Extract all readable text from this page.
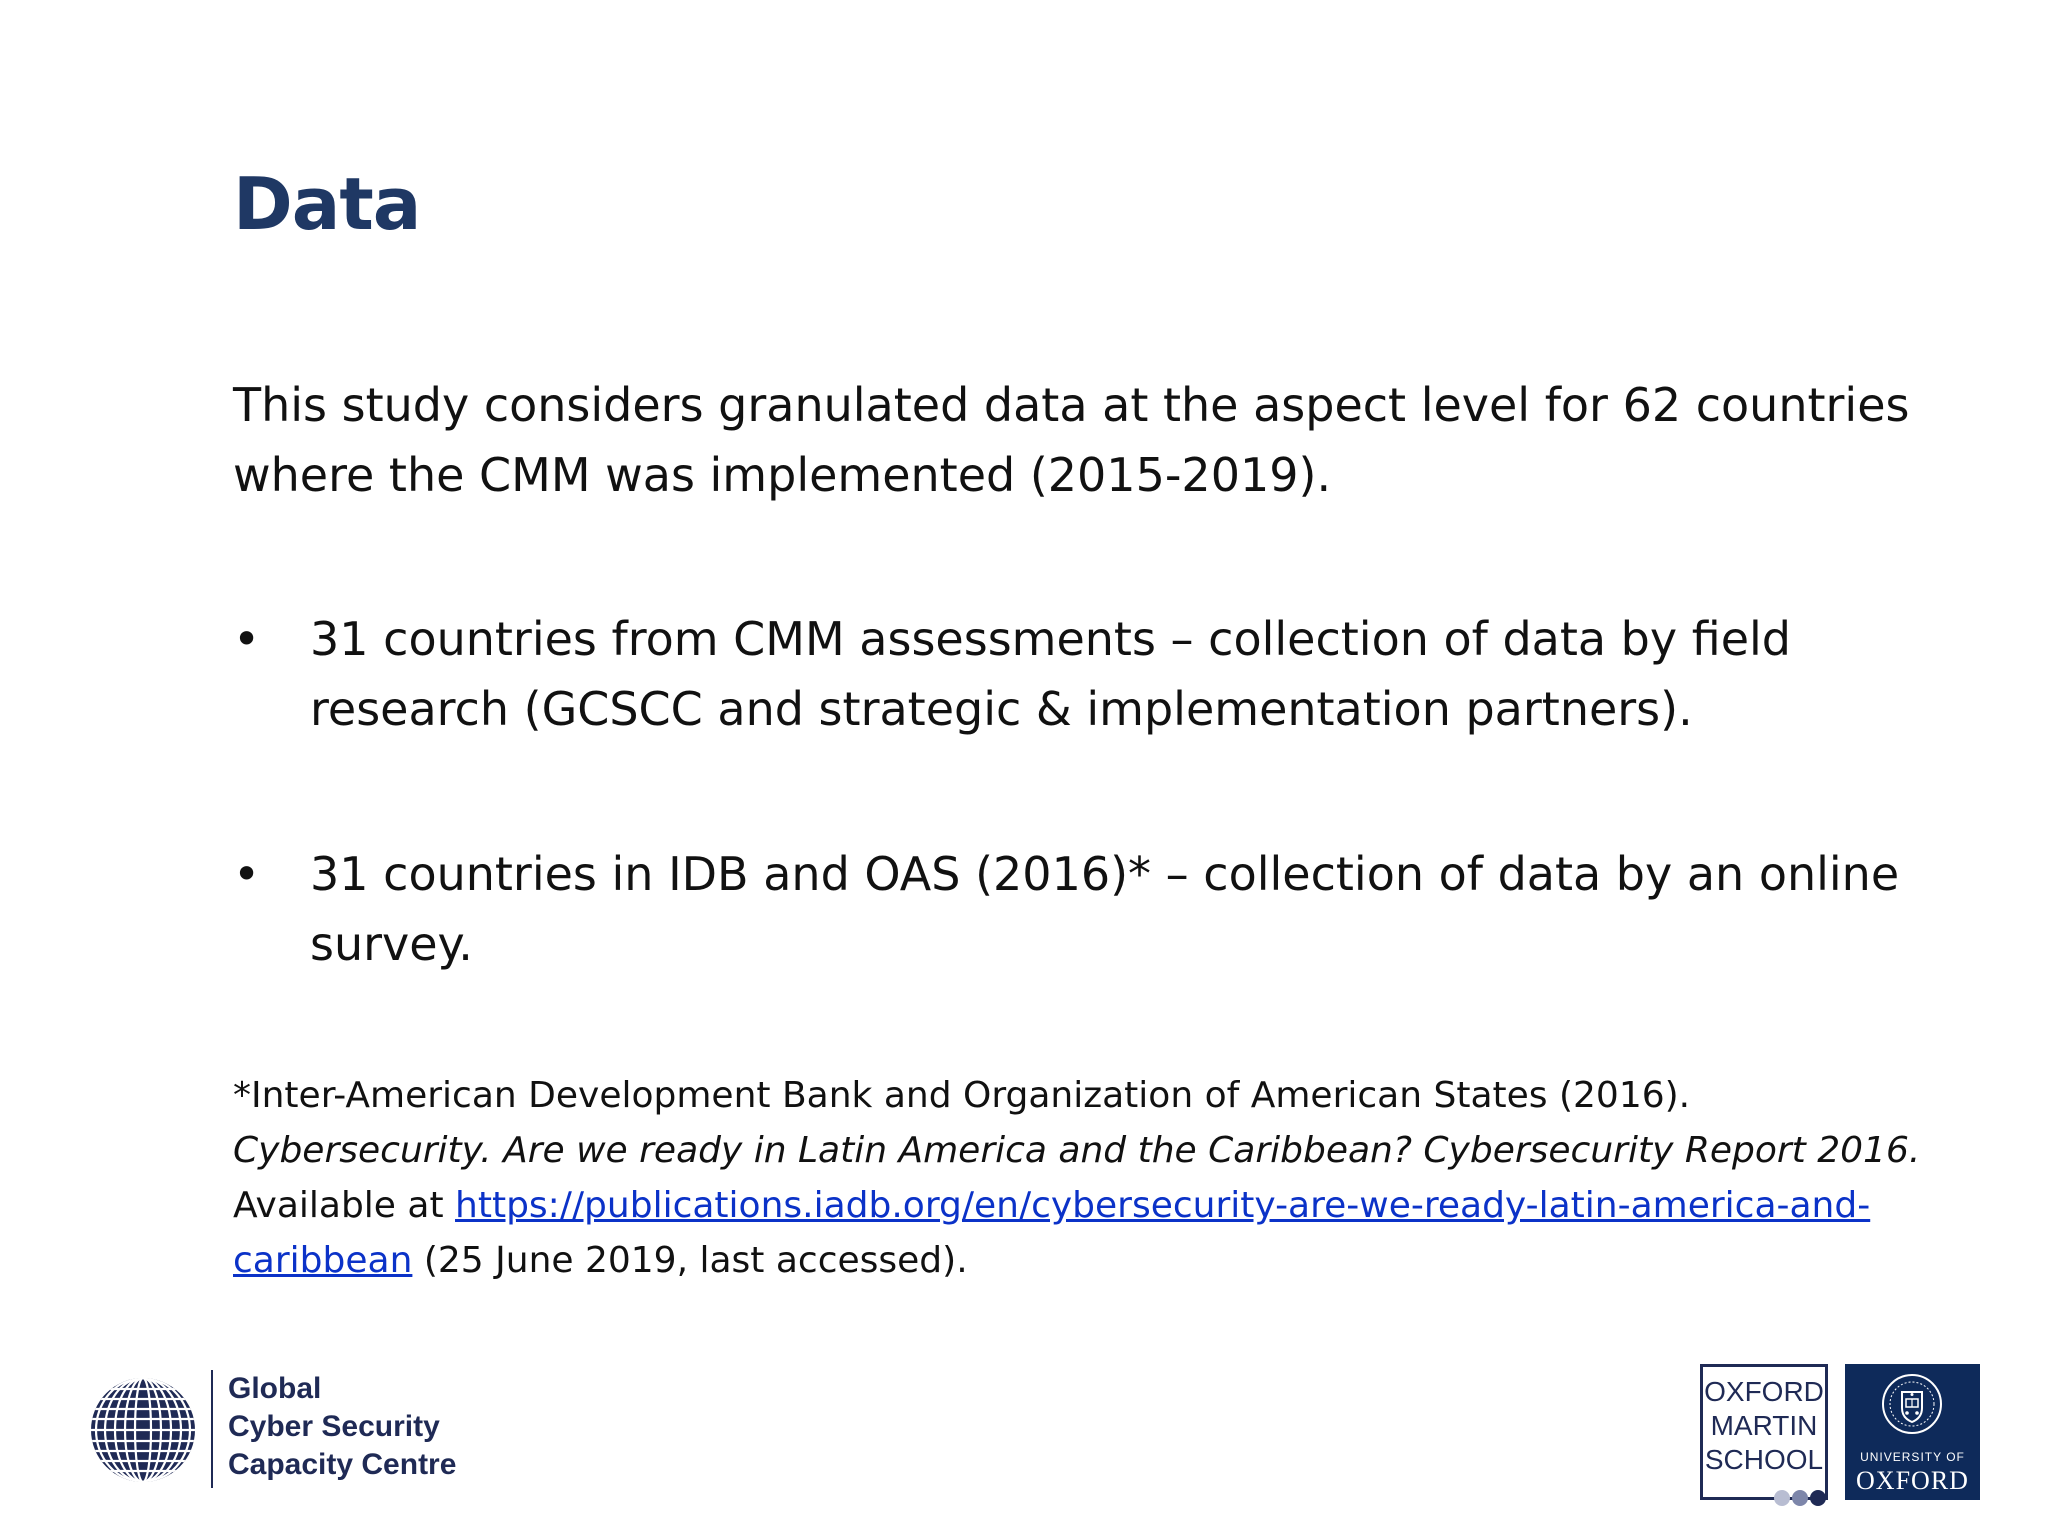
Data
This study considers granulated data at the aspect level for 62 countries where the CMM was implemented (2015-2019).
• 31 countries from CMM assessments – collection of data by field research (GCSCC and strategic & implementation partners).
• 31 countries in IDB and OAS (2016)* – collection of data by an online survey.
*Inter-American Development Bank and Organization of American States (2016). Cybersecurity. Are we ready in Latin America and the Caribbean? Cybersecurity Report 2016. Available at https://publications.iadb.org/en/cybersecurity-are-we-ready-latin-america-and-caribbean (25 June 2019, last accessed).
Global
Cyber Security
Capacity Centre
OXFORD
MARTIN
SCHOOL	UNIVERSITY OF
OXFORD
